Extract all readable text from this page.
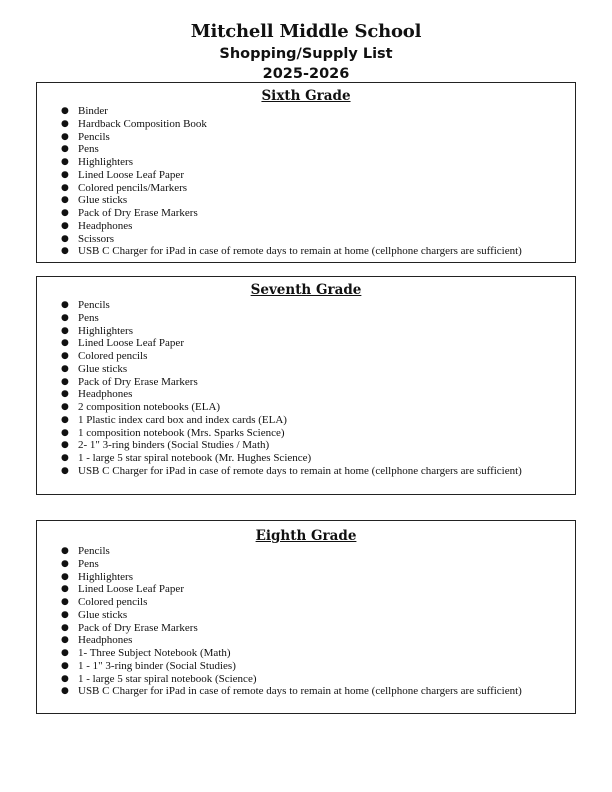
Mitchell Middle School
Shopping/Supply List
2025-2026
Sixth Grade
● Binder
● Hardback Composition Book
● Pencils
● Pens
● Highlighters
● Lined Loose Leaf Paper
● Colored pencils/Markers
● Glue sticks
● Pack of Dry Erase Markers
● Headphones
● Scissors
● USB C Charger for iPad in case of remote days to remain at home (cellphone chargers are sufficient)
Seventh Grade
● Pencils
● Pens
● Highlighters
● Lined Loose Leaf Paper
● Colored pencils
● Glue sticks
● Pack of Dry Erase Markers
● Headphones
● 2 composition notebooks (ELA)
● 1 Plastic index card box and index cards (ELA)
● 1 composition notebook (Mrs. Sparks Science)
● 2- 1" 3-ring binders (Social Studies / Math)
● 1 - large 5 star spiral notebook (Mr. Hughes Science)
● USB C Charger for iPad in case of remote days to remain at home (cellphone chargers are sufficient)
Eighth Grade
● Pencils
● Pens
● Highlighters
● Lined Loose Leaf Paper
● Colored pencils
● Glue sticks
● Pack of Dry Erase Markers
● Headphones
● 1- Three Subject Notebook (Math)
● 1 - 1" 3-ring binder (Social Studies)
● 1 - large 5 star spiral notebook (Science)
● USB C Charger for iPad in case of remote days to remain at home (cellphone chargers are sufficient)
